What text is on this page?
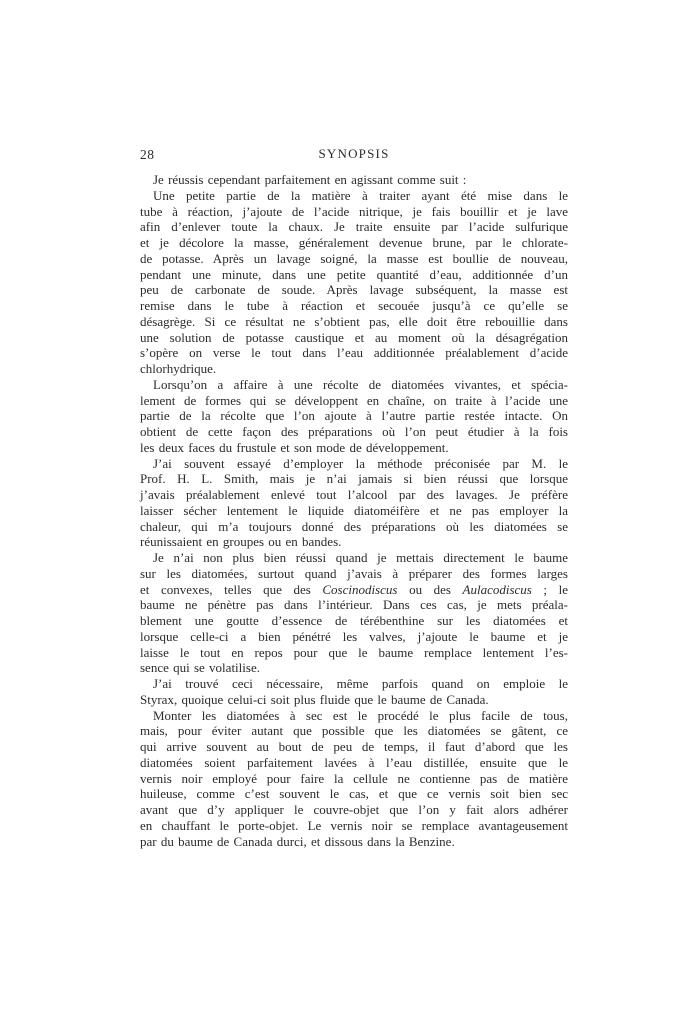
28	SYNOPSIS
Je réussis cependant parfaitement en agissant comme suit :
Une petite partie de la matière à traiter ayant été mise dans le
tube à réaction, j’ajoute de l’acide nitrique, je fais bouillir et je lave
afin d’enlever toute la chaux. Je traite ensuite par l’acide sulfurique
et je décolore la masse, généralement devenue brune, par le chlorate-
de potasse. Après un lavage soigné, la masse est boullie de nouveau,
pendant une minute, dans une petite quantité d’eau, additionnée d’un
peu de carbonate de soude. Après lavage subséquent, la masse est
remise dans le tube à réaction et secouée jusqu’à ce qu’elle se
désagrège. Si ce résultat ne s’obtient pas, elle doit être rebouillie dans
une solution de potasse caustique et au moment où la désagrégation
s’opère on verse le tout dans l’eau additionnée préalablement d’acide
chlorhydrique.
Lorsqu’on a affaire à une récolte de diatomées vivantes, et spécia-
lement de formes qui se développent en chaîne, on traite à l’acide une
partie de la récolte que l’on ajoute à l’autre partie restée intacte. On
obtient de cette façon des préparations où l’on peut étudier à la fois
les deux faces du frustule et son mode de développement.
J’ai souvent essayé d’employer la méthode préconisée par M. le
Prof. H. L. Smith, mais je n’ai jamais si bien réussi que lorsque
j’avais préalablement enlevé tout l’alcool par des lavages. Je préfère
laisser sécher lentement le liquide diatoméifère et ne pas employer la
chaleur, qui m’a toujours donné des préparations où les diatomées se
réunissaient en groupes ou en bandes.
Je n’ai non plus bien réussi quand je mettais directement le baume
sur les diatomées, surtout quand j’avais à préparer des formes larges
et convexes, telles que des Coscinodiscus ou des Aulacodiscus ; le
baume ne pénètre pas dans l’intérieur. Dans ces cas, je mets préala-
blement une goutte d’essence de térébenthine sur les diatomées et
lorsque celle-ci a bien pénétré les valves, j’ajoute le baume et je
laisse le tout en repos pour que le baume remplace lentement l’es-
sence qui se volatilise.
J’ai trouvé ceci nécessaire, même parfois quand on emploie le
Styrax, quoique celui-ci soit plus fluide que le baume de Canada.
Monter les diatomées à sec est le procédé le plus facile de tous,
mais, pour éviter autant que possible que les diatomées se gâtent, ce
qui arrive souvent au bout de peu de temps, il faut d’abord que les
diatomées soient parfaitement lavées à l’eau distillée, ensuite que le
vernis noir employé pour faire la cellule ne contienne pas de matière
huileuse, comme c’est souvent le cas, et que ce vernis soit bien sec
avant que d’y appliquer le couvre-objet que l’on y fait alors adhérer
en chauffant le porte-objet. Le vernis noir se remplace avantageusement
par du baume de Canada durci, et dissous dans la Benzine.
